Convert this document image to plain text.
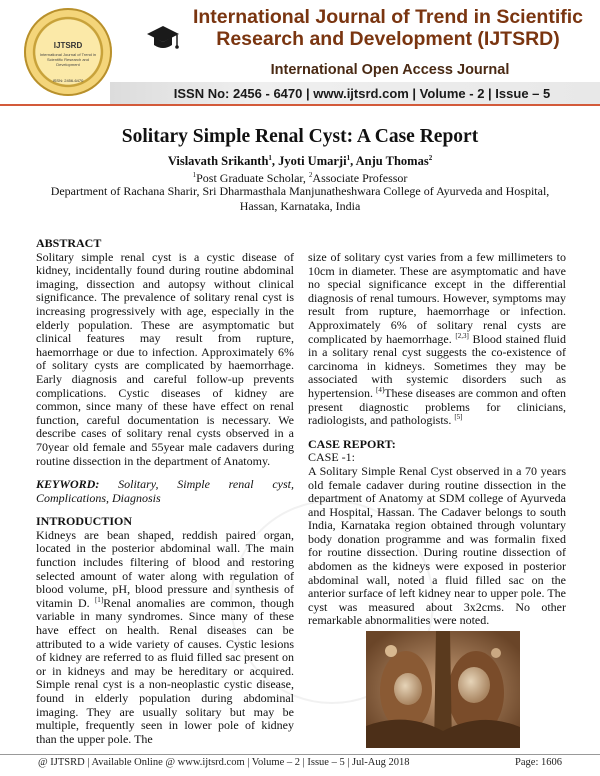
IJTSRD
International Journal of Trend in Scientific Research and Development
ISSN: 2456-6470
International Journal of Trend in Scientific
Research and Development (IJTSRD)
International Open Access Journal
ISSN No: 2456 - 6470 | www.ijtsrd.com | Volume - 2 | Issue – 5
Solitary Simple Renal Cyst: A Case Report
Vislavath Srikanth$^1$, Jyoti Umarji$^1$, Anju Thomas$^2$
$^1$Post Graduate Scholar, $^2$Associate Professor
Department of Rachana Sharir, Sri Dharmasthala Manjunatheshwara College of Ayurveda and Hospital,
Hassan, Karnataka, India

ABSTRACT

Solitary simple renal cyst is a cystic disease of kidney, incidentally found during routine abdominal imaging, dissection and autopsy without clinical significance. The prevalence of solitary renal cyst is increasing progressively with age, especially in the elderly population. These are asymptomatic but clinical features may result from rupture, haemorrhage or due to infection. Approximately 6% of solitary cysts are complicated by haemorrhage. Early diagnosis and careful follow-up prevents complications. Cystic diseases of kidney are common, since many of these have effect on renal function, careful documentation is necessary. We describe cases of solitary renal cysts observed in a 70year old female and 55year male cadavers during routine dissection in the department of Anatomy.

KEYWORD: Solitary, Simple renal cyst, Complications, Diagnosis

INTRODUCTION

Kidneys are bean shaped, reddish paired organ, located in the posterior abdominal wall. The main function includes filtering of blood and restoring selected amount of water along with regulation of blood volume, pH, blood pressure and synthesis of vitamin D. [1]Renal anomalies are common, though variable in many syndromes. Since many of these have effect on health. Renal diseases can be attributed to a wide variety of causes. Cystic lesions of kidney are referred to as fluid filled sac present on or in kidneys and may be hereditary or acquired. Simple renal cyst is a non-neoplastic cystic disease, found in elderly population during abdominal imaging. They are usually solitary but may be multiple, frequently seen in lower pole of kidney than the upper pole. The

size of solitary cyst varies from a few millimeters to 10cm in diameter. These are asymptomatic and have no special significance except in the differential diagnosis of renal tumours. However, symptoms may result from rupture, haemorrhage or infection. Approximately 6% of solitary renal cysts are complicated by haemorrhage. [2,3] Blood stained fluid in a solitary renal cyst suggests the co-existence of carcinoma in kidneys. Sometimes they may be associated with systemic disorders such as hypertension. [4]These diseases are common and often present diagnostic problems for clinicians, radiologists, and pathologists. [5]

CASE REPORT:

CASE -1:

A Solitary Simple Renal Cyst observed in a 70 years old female cadaver during routine dissection in the department of Anatomy at SDM college of Ayurveda and Hospital, Hassan. The Cadaver belongs to south India, Karnataka region obtained through voluntary body donation programme and was formalin fixed for routine dissection. During routine dissection of abdomen as the kidneys were exposed in posterior abdominal wall, noted a fluid filled sac on the anterior surface of left kidney near to upper pole. The cyst was measured about 3x2cms. No other remarkable abnormalities were noted.

@ IJTSRD | Available Online @ www.ijtsrd.com | Volume – 2 | Issue – 5 | Jul-Aug 2018	Page: 1606
